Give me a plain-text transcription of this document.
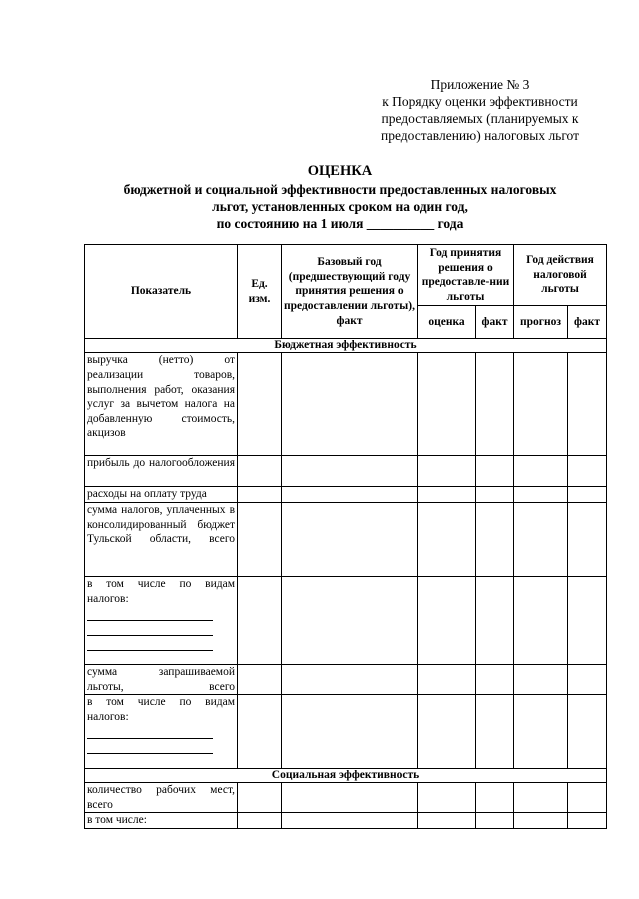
Приложение № 3
к Порядку оценки эффективности
предоставляемых (планируемых к
предоставлению) налоговых льгот
ОЦЕНКА
бюджетной и социальной эффективности предоставленных налоговых
льгот, установленных сроком на один год,
по состоянию на 1 июля __________ года
Показатель	Ед. изм.	Базовый год (предшествующий году принятия решения о предоставлении льготы), факт	Год принятия решения о предоставле-нии льготы		Год действия налоговой льготы	
			оценка	факт	прогноз	факт
Бюджетная эффективность						
выручка (нетто) от реализации товаров, выполнения работ, оказания услуг за вычетом налога на добавленную стоимость, акцизов						
прибыль до налогообложения						
расходы на оплату труда						
сумма налогов, уплаченных в консолидированный бюджет Тульской области, всего						

в том числе по видам налогов:						

сумма запрашиваемой льготы, всего						

в том числе по видам налогов:						

Социальная эффективность						
количество рабочих мест, всего						
в том числе:						
